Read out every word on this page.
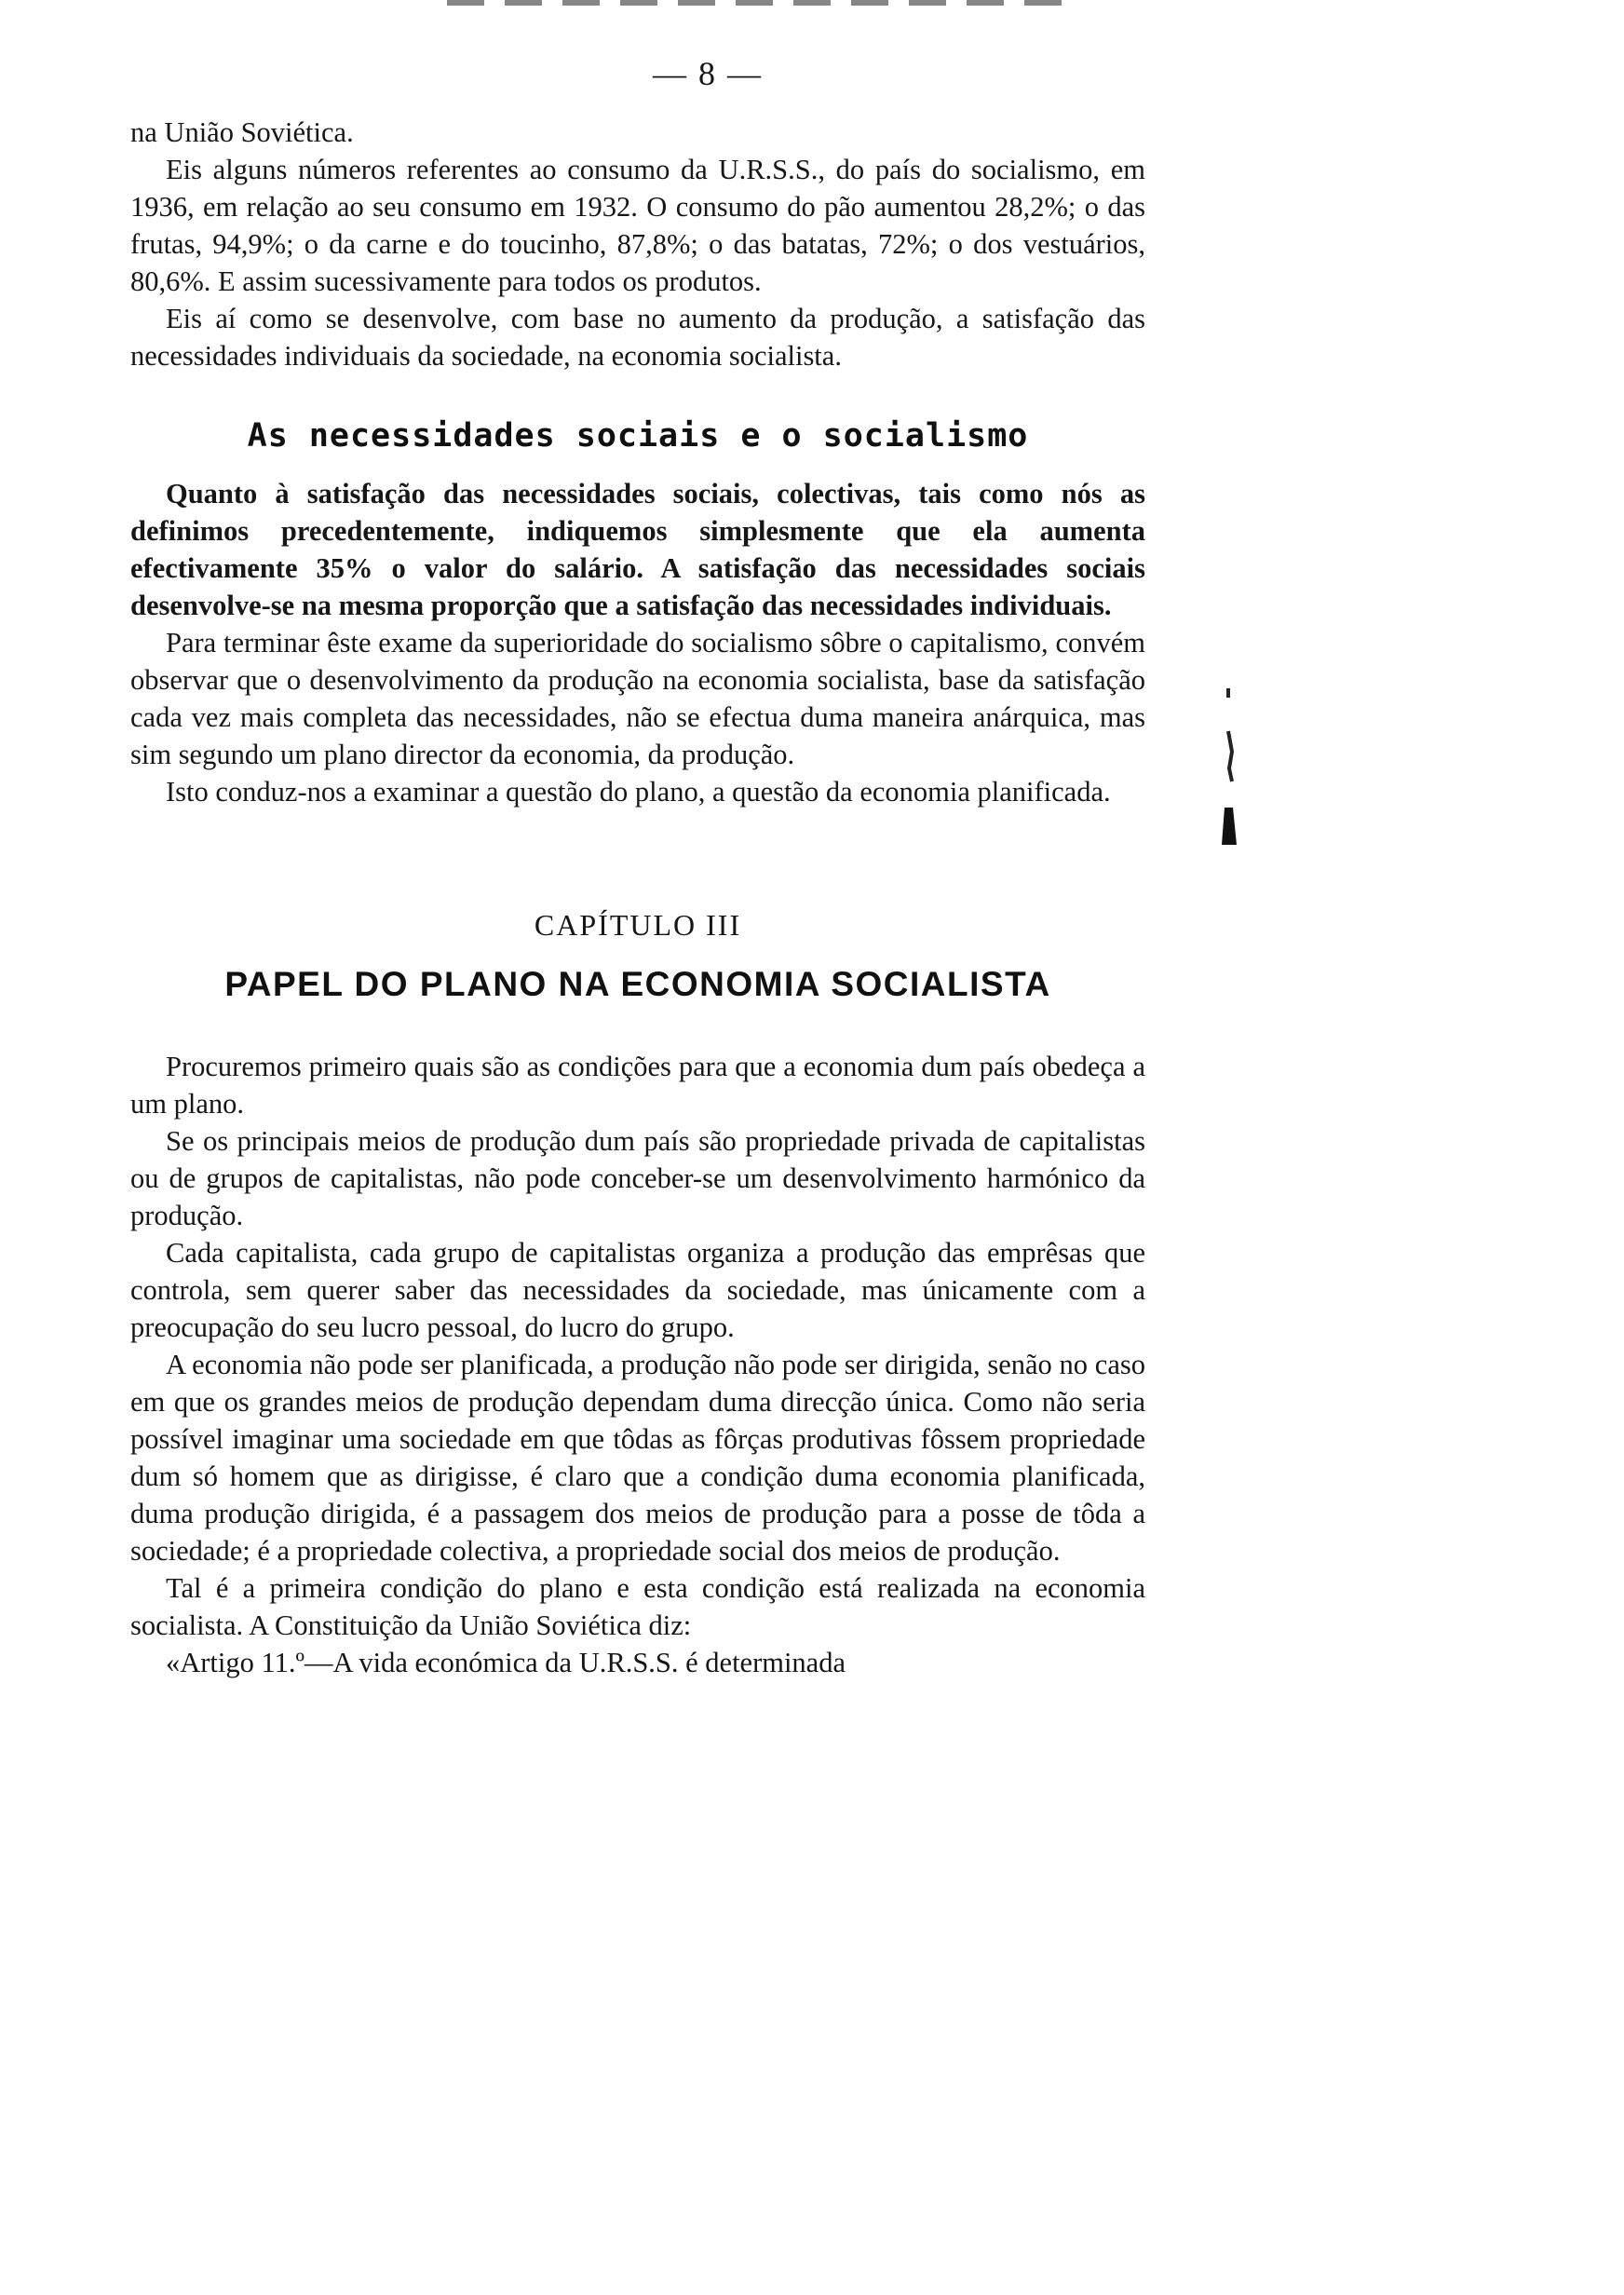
— 8 —

na União Soviética.

Eis alguns números referentes ao consumo da U.R.S.S., do país do socialismo, em 1936, em relação ao seu consumo em 1932. O consumo do pão aumentou 28,2%; o das frutas, 94,9%; o da carne e do toucinho, 87,8%; o das batatas, 72%; o dos vestuários, 80,6%. E assim sucessivamente para todos os produtos.

Eis aí como se desenvolve, com base no aumento da produção, a satisfação das necessidades individuais da sociedade, na economia socialista.

As necessidades sociais e o socialismo

Quanto à satisfação das necessidades sociais, colectivas, tais como nós as definimos precedentemente, indiquemos simplesmente que ela aumenta efectivamente 35% o valor do salário. A satisfação das necessidades sociais desenvolve-se na mesma proporção que a satisfação das necessidades individuais.

Para terminar êste exame da superioridade do socialismo sôbre o capitalismo, convém observar que o desenvolvimento da produção na economia socialista, base da satisfação cada vez mais completa das necessidades, não se efectua duma maneira anárquica, mas sim segundo um plano director da economia, da produção.

Isto conduz-nos a examinar a questão do plano, a questão da economia planificada.

CAPÍTULO III
PAPEL DO PLANO NA ECONOMIA SOCIALISTA

Procuremos primeiro quais são as condições para que a economia dum país obedeça a um plano.

Se os principais meios de produção dum país são propriedade privada de capitalistas ou de grupos de capitalistas, não pode conceber-se um desenvolvimento harmónico da produção.

Cada capitalista, cada grupo de capitalistas organiza a produção das emprêsas que controla, sem querer saber das necessidades da sociedade, mas únicamente com a preocupação do seu lucro pessoal, do lucro do grupo.

A economia não pode ser planificada, a produção não pode ser dirigida, senão no caso em que os grandes meios de produção dependam duma direcção única. Como não seria possível imaginar uma sociedade em que tôdas as fôrças produtivas fôssem propriedade dum só homem que as dirigisse, é claro que a condição duma economia planificada, duma produção dirigida, é a passagem dos meios de produção para a posse de tôda a sociedade; é a propriedade colectiva, a propriedade social dos meios de produção.

Tal é a primeira condição do plano e esta condição está realizada na economia socialista. A Constituição da União Soviética diz:

«Artigo 11.º—A vida económica da U.R.S.S. é determinada
